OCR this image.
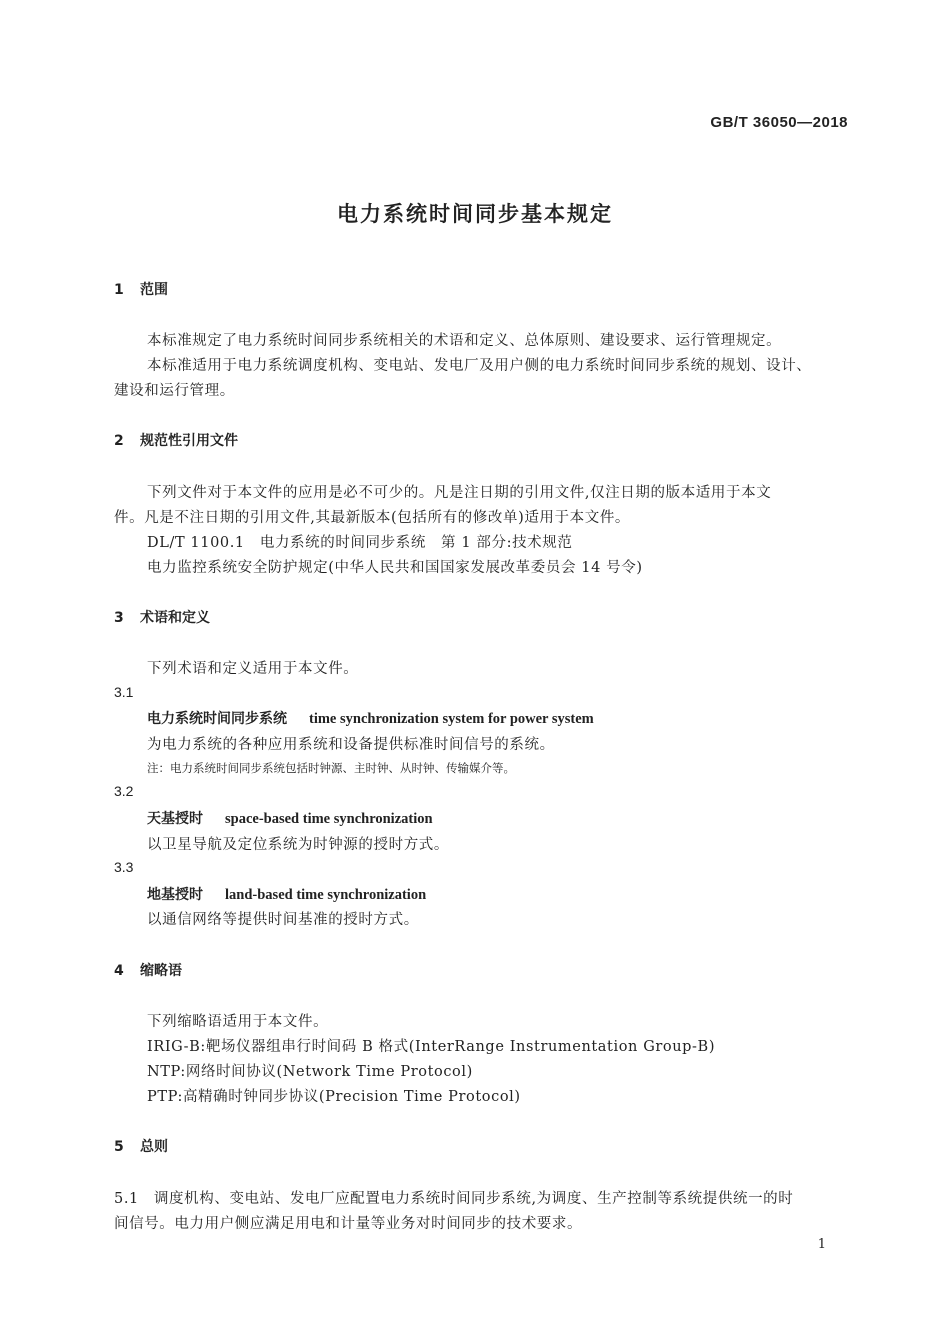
GB/T 36050—2018
电力系统时间同步基本规定
1 范围
本标准规定了电力系统时间同步系统相关的术语和定义、总体原则、建设要求、运行管理规定。
本标准适用于电力系统调度机构、变电站、发电厂及用户侧的电力系统时间同步系统的规划、设计、
建设和运行管理。
2 规范性引用文件
下列文件对于本文件的应用是必不可少的。凡是注日期的引用文件,仅注日期的版本适用于本文
件。凡是不注日期的引用文件,其最新版本(包括所有的修改单)适用于本文件。
DL/T 1100.1　电力系统的时间同步系统　第 1 部分:技术规范
电力监控系统安全防护规定(中华人民共和国国家发展改革委员会 14 号令)
3 术语和定义
下列术语和定义适用于本文件。
3.1
电力系统时间同步系统 time synchronization system for power system
为电力系统的各种应用系统和设备提供标准时间信号的系统。
注：电力系统时间同步系统包括时钟源、主时钟、从时钟、传输媒介等。
3.2
天基授时 space-based time synchronization
以卫星导航及定位系统为时钟源的授时方式。
3.3
地基授时 land-based time synchronization
以通信网络等提供时间基准的授时方式。
4 缩略语
下列缩略语适用于本文件。
IRIG-B:靶场仪器组串行时间码 B 格式(InterRange Instrumentation Group-B)
NTP:网络时间协议(Network Time Protocol)
PTP:高精确时钟同步协议(Precision Time Protocol)
5 总则
5.1　调度机构、变电站、发电厂应配置电力系统时间同步系统,为调度、生产控制等系统提供统一的时
间信号。电力用户侧应满足用电和计量等业务对时间同步的技术要求。
1
